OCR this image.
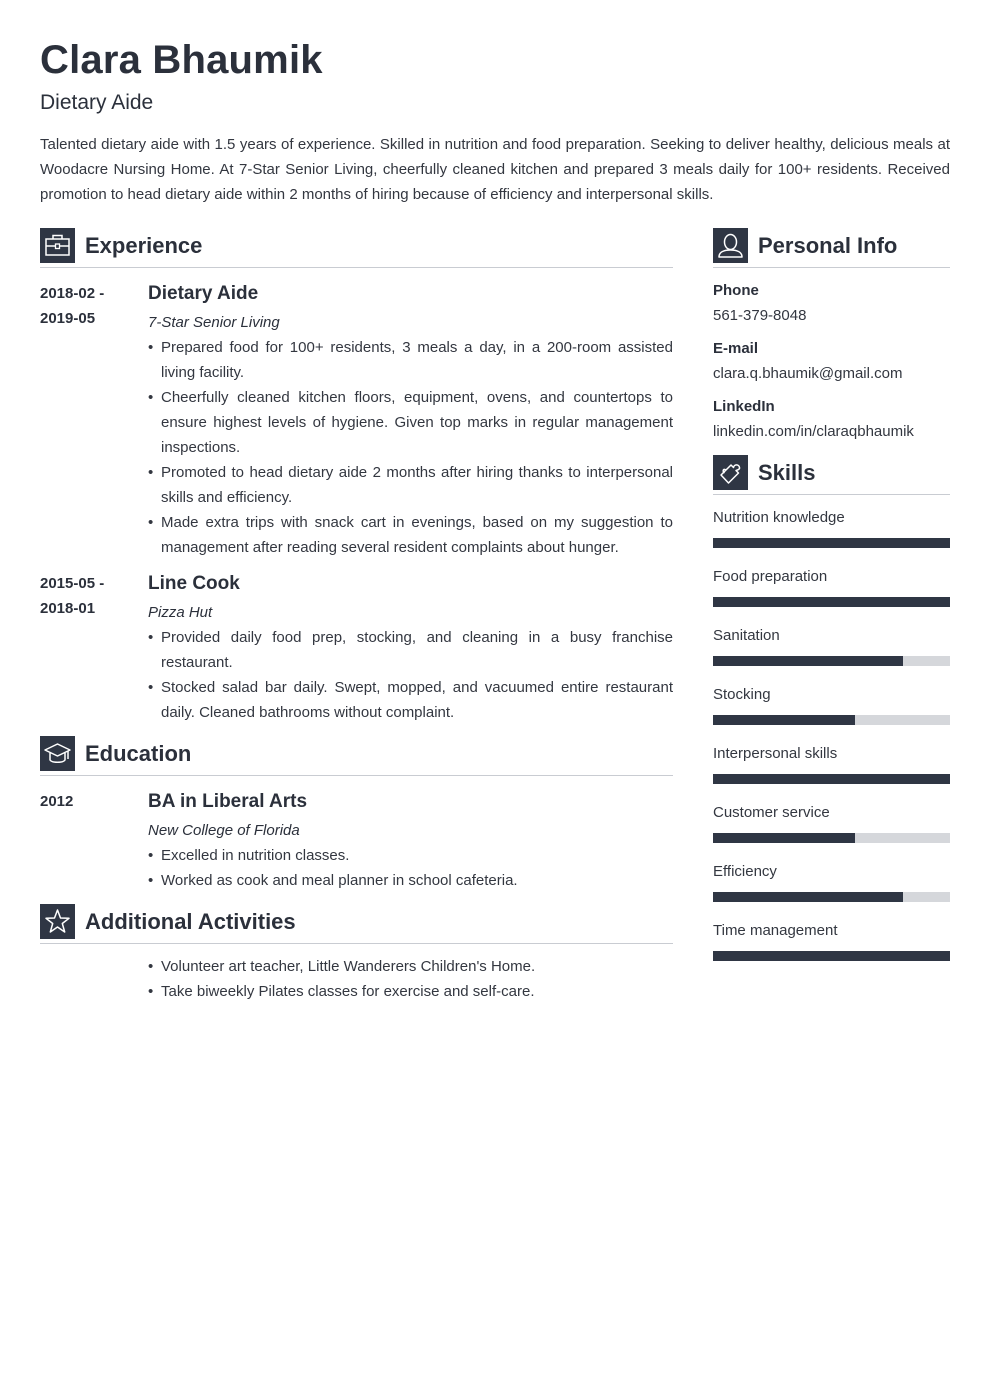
Clara Bhaumik
Dietary Aide
Talented dietary aide with 1.5 years of experience. Skilled in nutrition and food preparation. Seeking to deliver healthy, delicious meals at Woodacre Nursing Home. At 7-Star Senior Living, cheerfully cleaned kitchen and prepared 3 meals daily for 100+ residents. Received promotion to head dietary aide within 2 months of hiring because of efficiency and interpersonal skills.
Experience
2018-02 -
2019-05
Dietary Aide
7-Star Senior Living
• Prepared food for 100+ residents, 3 meals a day, in a 200-room assisted living facility.
• Cheerfully cleaned kitchen floors, equipment, ovens, and countertops to ensure highest levels of hygiene. Given top marks in regular management inspections.
• Promoted to head dietary aide 2 months after hiring thanks to interpersonal skills and efficiency.
• Made extra trips with snack cart in evenings, based on my suggestion to management after reading several resident complaints about hunger.
2015-05 -
2018-01
Line Cook
Pizza Hut
• Provided daily food prep, stocking, and cleaning in a busy franchise restaurant.
• Stocked salad bar daily. Swept, mopped, and vacuumed entire restaurant daily. Cleaned bathrooms without complaint.
Education
2012	BA in Liberal Arts
New College of Florida
• Excelled in nutrition classes.
• Worked as cook and meal planner in school cafeteria.
Additional Activities
• Volunteer art teacher, Little Wanderers Children's Home.
• Take biweekly Pilates classes for exercise and self-care.
Personal Info
Phone
561-379-8048
E-mail
clara.q.bhaumik@gmail.com
LinkedIn
linkedin.com/in/claraqbhaumik
Skills
Nutrition knowledge
Food preparation
Sanitation
Stocking
Interpersonal skills
Customer service
Efficiency
Time management
